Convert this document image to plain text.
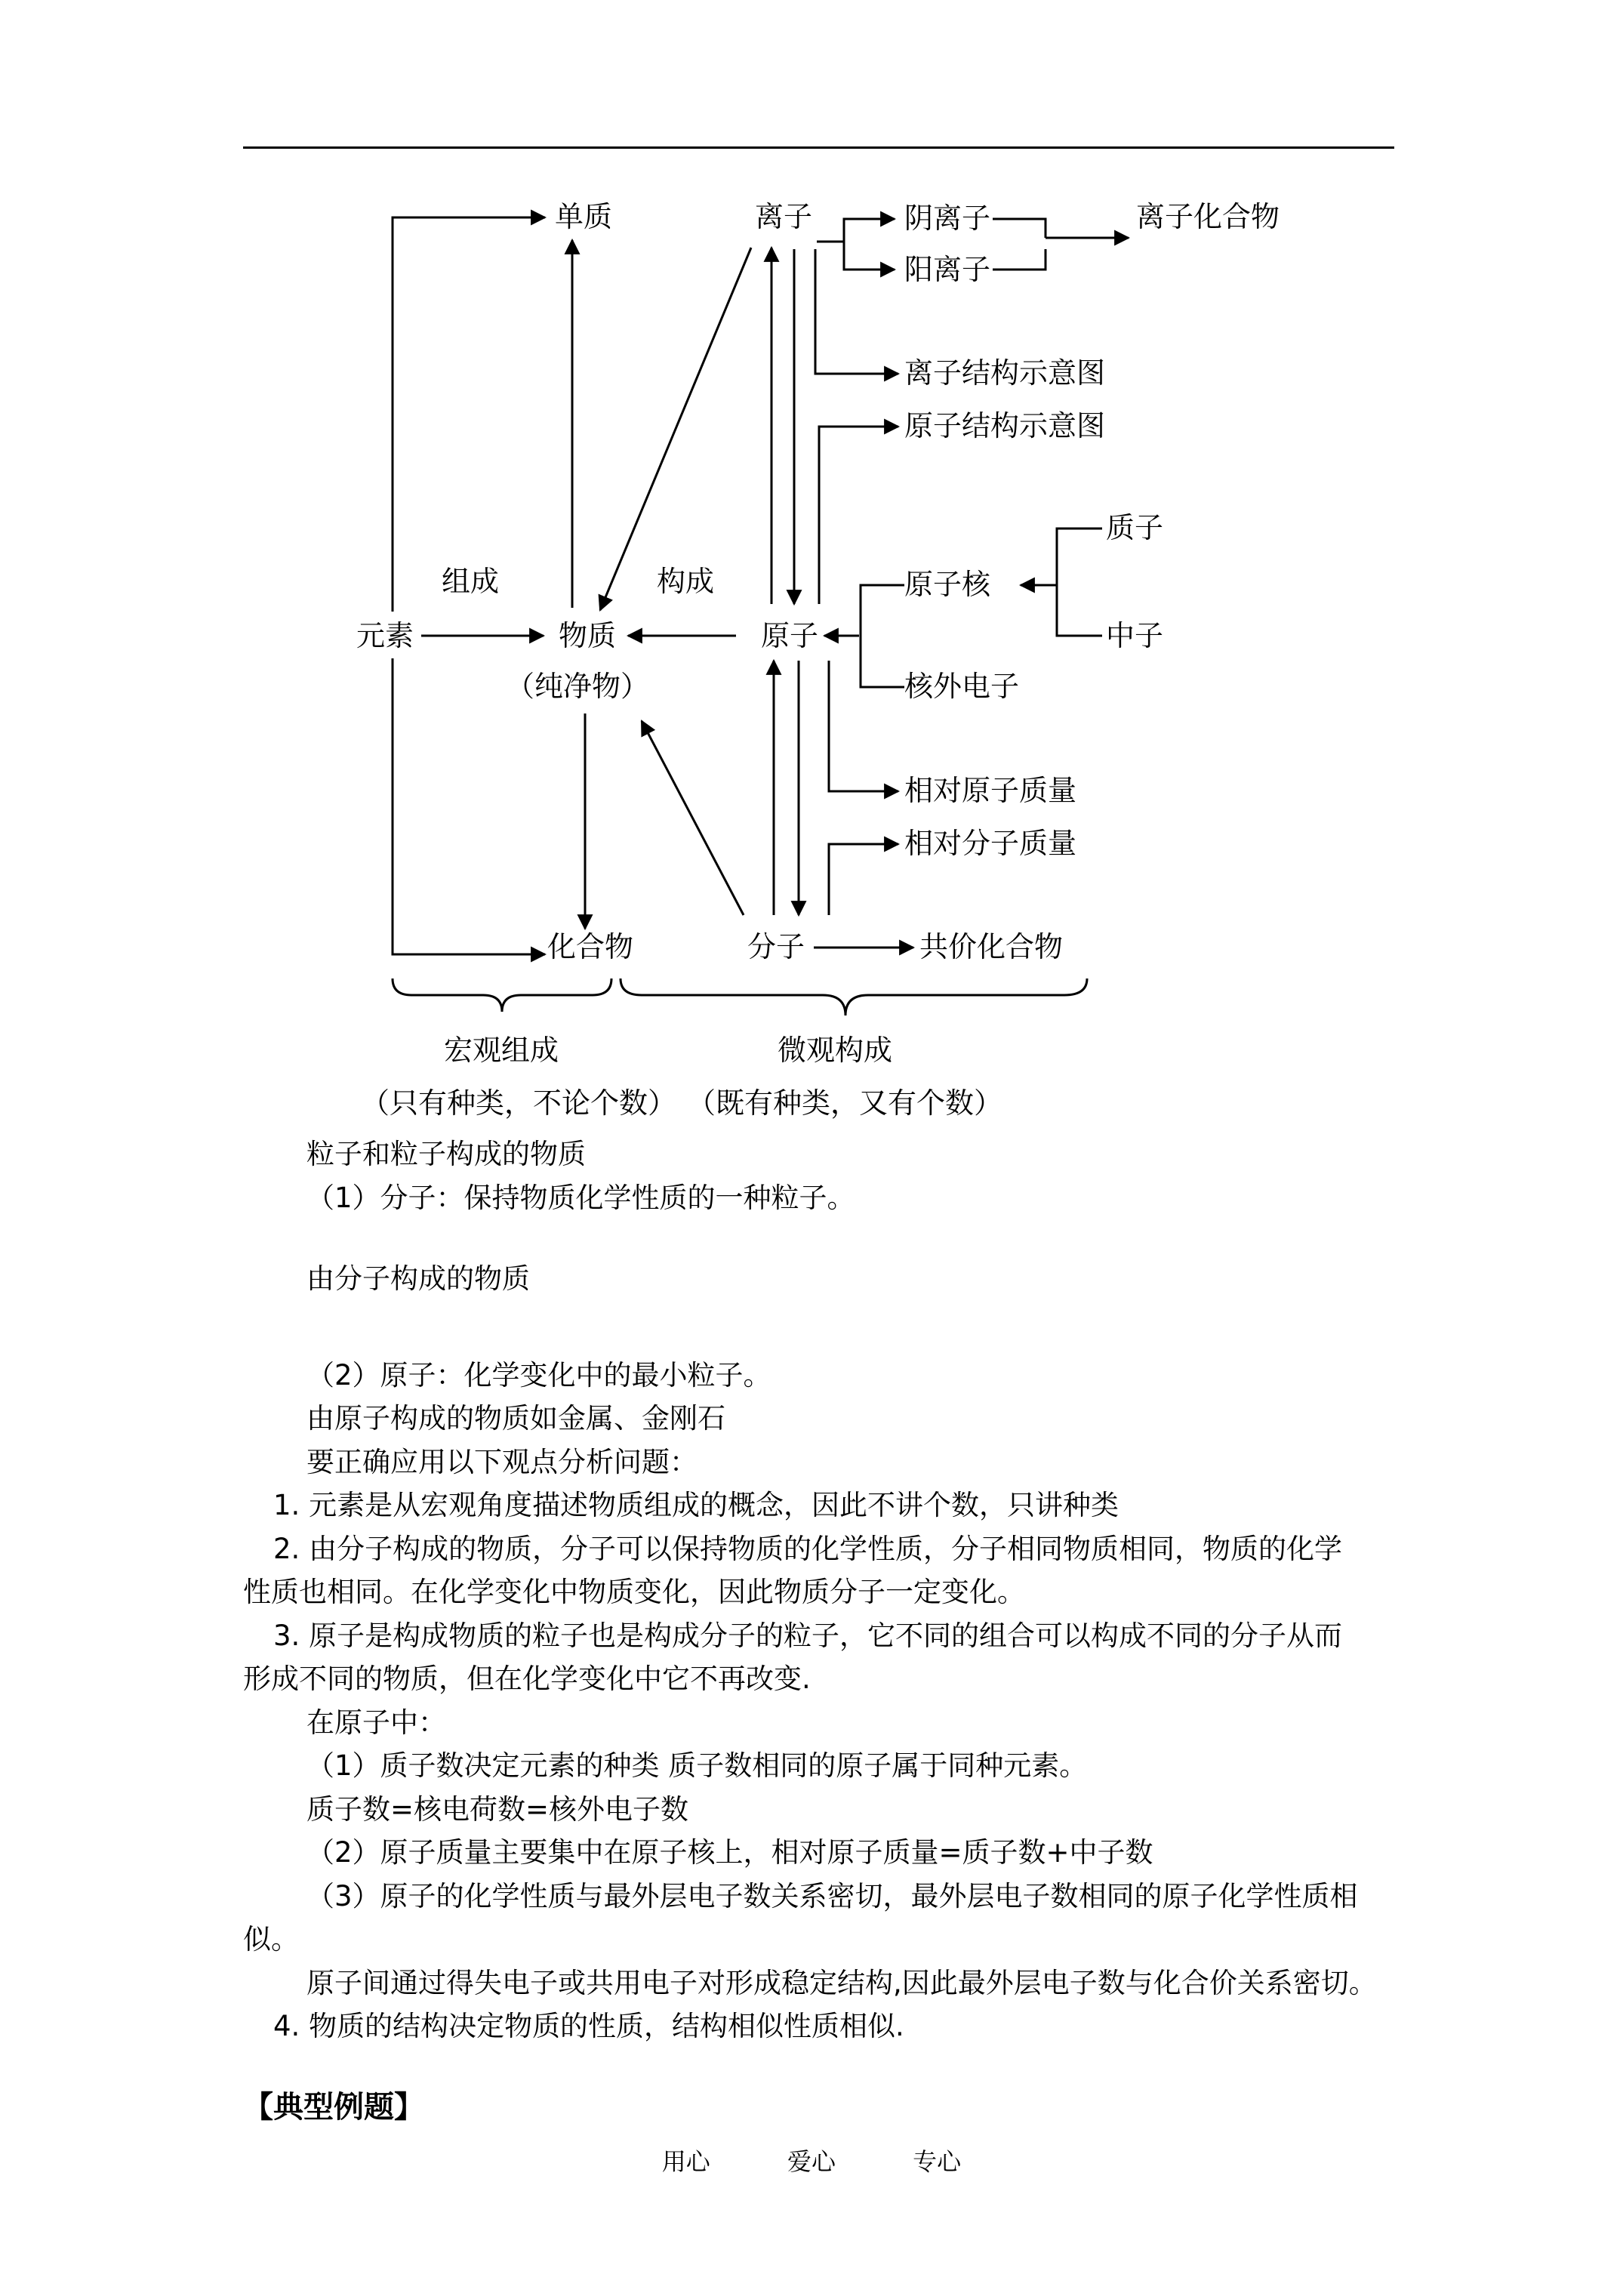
单质	离子	阴离子
阳离子
离子化合物
离子结构示意图
原子结构示意图
质子
组成	构成	原子核
元素	物质	原子	中子
（纯净物）	核外电子
相对原子质量
相对分子质量
化合物	分子	共价化合物
宏观组成	微观构成
（只有种类，不论个数） （既有种类，又有个数）

粒子和粒子构成的物质

（1）分子：保持物质化学性质的一种粒子。

由分子构成的物质

（2）原子：化学变化中的最小粒子。

由原子构成的物质如金属、金刚石

要正确应用以下观点分析问题：

1. 元素是从宏观角度描述物质组成的概念，因此不讲个数，只讲种类

2. 由分子构成的物质，分子可以保持物质的化学性质，分子相同物质相同，物质的化学

性质也相同。在化学变化中物质变化，因此物质分子一定变化。

3. 原子是构成物质的粒子也是构成分子的粒子，它不同的组合可以构成不同的分子从而

形成不同的物质，但在化学变化中它不再改变.

在原子中：

（1）质子数决定元素的种类 质子数相同的原子属于同种元素。

质子数=核电荷数=核外电子数

（2）原子质量主要集中在原子核上，相对原子质量=质子数+中子数

（3）原子的化学性质与最外层电子数关系密切，最外层电子数相同的原子化学性质相

似。

原子间通过得失电子或共用电子对形成稳定结构,因此最外层电子数与化合价关系密切。

4. 物质的结构决定物质的性质，结构相似性质相似.

【典型例题】

用心	爱心	专心
